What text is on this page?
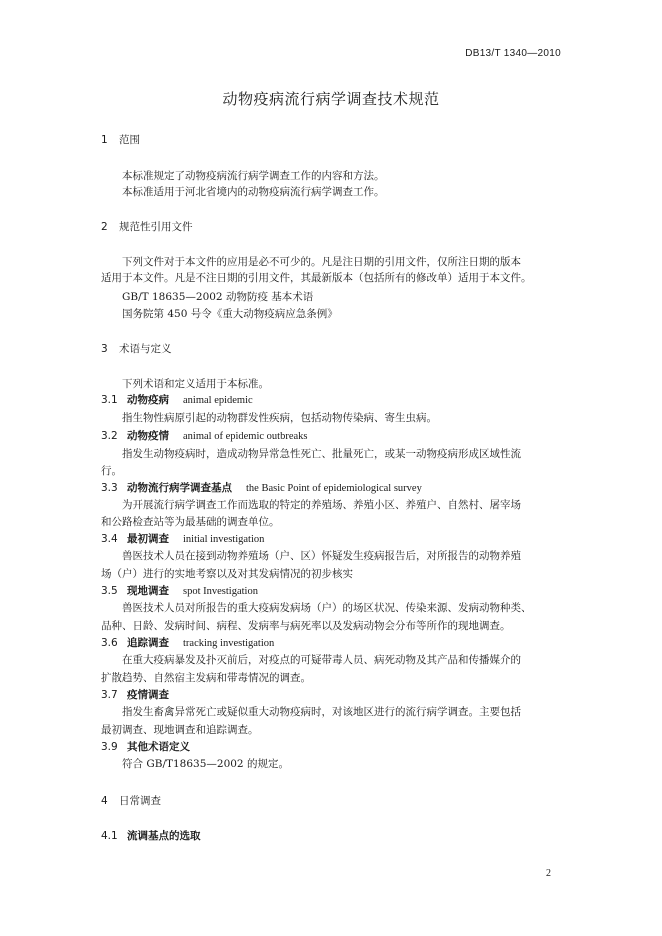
DB13/T 1340—2010
动物疫病流行病学调查技术规范
1 范围
本标准规定了动物疫病流行病学调查工作的内容和方法。
本标准适用于河北省境内的动物疫病流行病学调查工作。
2 规范性引用文件
下列文件对于本文件的应用是必不可少的。凡是注日期的引用文件，仅所注日期的版本
适用于本文件。凡是不注日期的引用文件，其最新版本（包括所有的修改单）适用于本文件。
GB/T 18635—2002 动物防疫 基本术语
国务院第 450 号令《重大动物疫病应急条例》
3 术语与定义
下列术语和定义适用于本标准。
3.1 动物疫病 animal epidemic
指生物性病原引起的动物群发性疾病，包括动物传染病、寄生虫病。
3.2 动物疫情 animal of epidemic outbreaks
指发生动物疫病时，造成动物异常急性死亡、批量死亡，或某一动物疫病形成区域性流
行。
3.3 动物流行病学调查基点 the Basic Point of epidemiological survey
为开展流行病学调查工作而选取的特定的养殖场、养殖小区、养殖户、自然村、屠宰场
和公路检查站等为最基础的调查单位。
3.4 最初调查 initial investigation
兽医技术人员在接到动物养殖场（户、区）怀疑发生疫病报告后，对所报告的动物养殖
场（户）进行的实地考察以及对其发病情况的初步核实
3.5 现地调查 spot Investigation
兽医技术人员对所报告的重大疫病发病场（户）的场区状况、传染来源、发病动物种类、
品种、日龄、发病时间、病程、发病率与病死率以及发病动物会分布等所作的现地调查。
3.6 追踪调查 tracking investigation
在重大疫病暴发及扑灭前后，对疫点的可疑带毒人员、病死动物及其产品和传播媒介的
扩散趋势、自然宿主发病和带毒情况的调查。
3.7 疫情调查
指发生畜禽异常死亡或疑似重大动物疫病时，对该地区进行的流行病学调查。主要包括
最初调查、现地调查和追踪调查。
3.9 其他术语定义
符合 GB/T18635—2002 的规定。
4 日常调查
4.1 流调基点的选取
2
